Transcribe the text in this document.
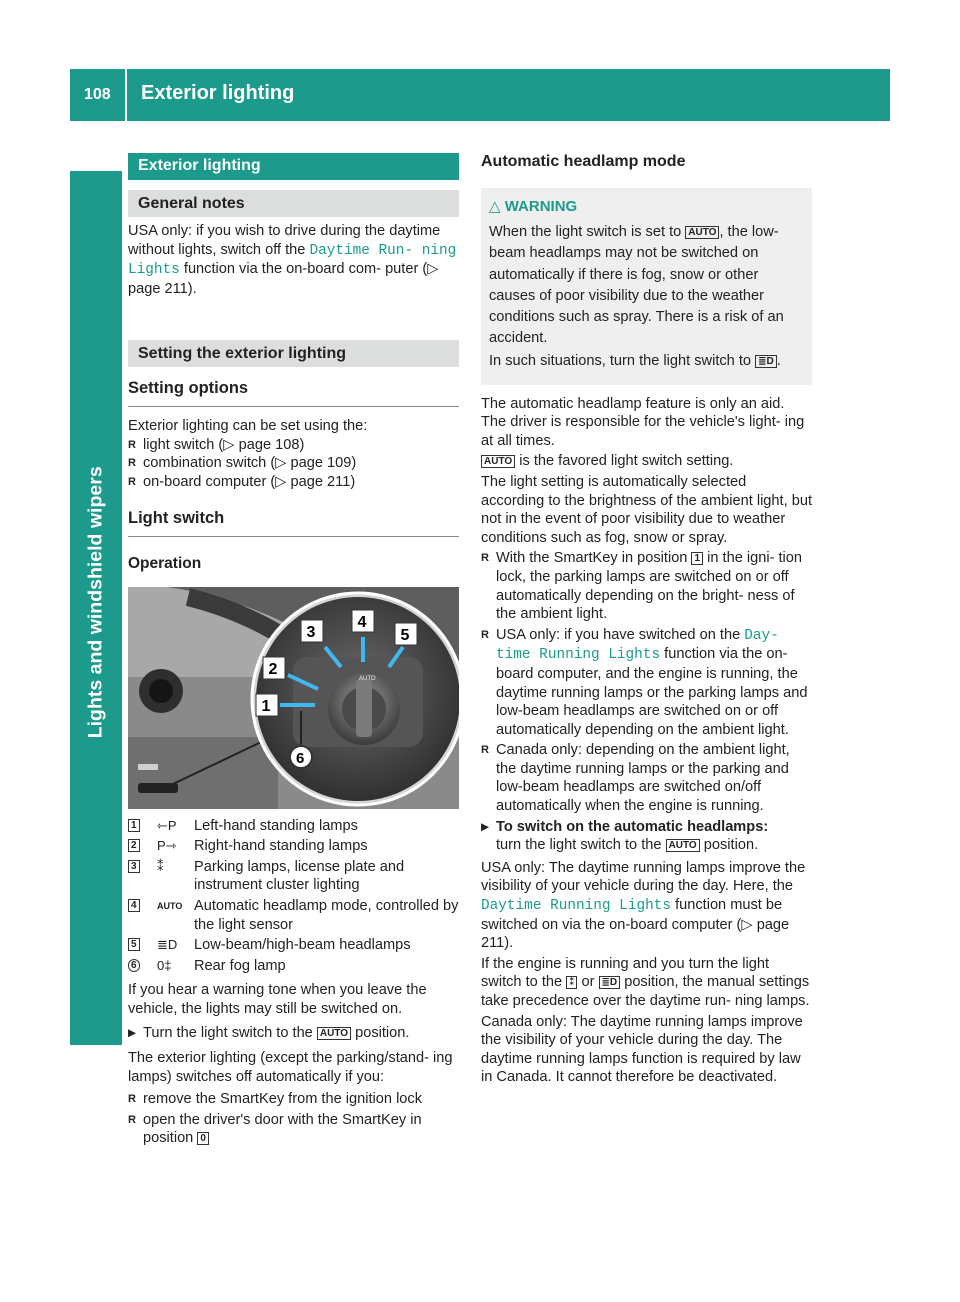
108 Exterior lighting
Lights and windshield wipers
Exterior lighting
General notes

USA only: if you wish to drive during the daytime without lights, switch off the Daytime Run‐ ning Lights function via the on-board com- puter (▷ page 211).

Setting the exterior lighting
Setting options

Exterior lighting can be set using the:

R light switch (▷ page 108)
R combination switch (▷ page 109)
R on-board computer (▷ page 211)
Light switch
Operation
AUTO
3
4
5
2
1
6
1 ⇽P Left-hand standing lamps
2 P⇾ Right-hand standing lamps
3 ⁑ Parking lamps, license plate and instrument cluster lighting
4	AUTO Automatic headlamp mode, controlled by the light sensor
5 ≣D Low-beam/high-beam headlamps
6 0‡ Rear fog lamp

If you hear a warning tone when you leave the vehicle, the lights may still be switched on.

▶ Turn the light switch to the AUTO position.

The exterior lighting (except the parking/stand- ing lamps) switches off automatically if you:

R remove the SmartKey from the ignition lock
R open the driver's door with the SmartKey in position 0
Automatic headlamp mode
△ WARNING

When the light switch is set to AUTO , the low- beam headlamps may not be switched on automatically if there is fog, snow or other causes of poor visibility due to the weather conditions such as spray. There is a risk of an accident.

In such situations, turn the light switch to ≣D .

The automatic headlamp feature is only an aid. The driver is responsible for the vehicle's light- ing at all times.

AUTO is the favored light switch setting.

The light setting is automatically selected according to the brightness of the ambient light, but not in the event of poor visibility due to weather conditions such as fog, snow or spray.

R With the SmartKey in position 1 in the igni- tion lock, the parking lamps are switched on or off automatically depending on the bright- ness of the ambient light.
R USA only: if you have switched on the Day‐ time Running Lights function via the on- board computer, and the engine is running, the daytime running lamps or the parking lamps and low-beam headlamps are switched on or off automatically depending on the ambient light.
R Canada only: depending on the ambient light, the daytime running lamps or the parking and low-beam headlamps are switched on/off automatically when the engine is running.
▶ To switch on the automatic headlamps:
turn the light switch to the AUTO position.

USA only: The daytime running lamps improve the visibility of your vehicle during the day. Here, the Daytime Running Lights function must be switched on via the on-board computer (▷ page 211).

If the engine is running and you turn the light switch to the ⁑ or ≣D position, the manual settings take precedence over the daytime run- ning lamps.

Canada only: The daytime running lamps improve the visibility of your vehicle during the day. The daytime running lamps function is required by law in Canada. It cannot therefore be deactivated.
